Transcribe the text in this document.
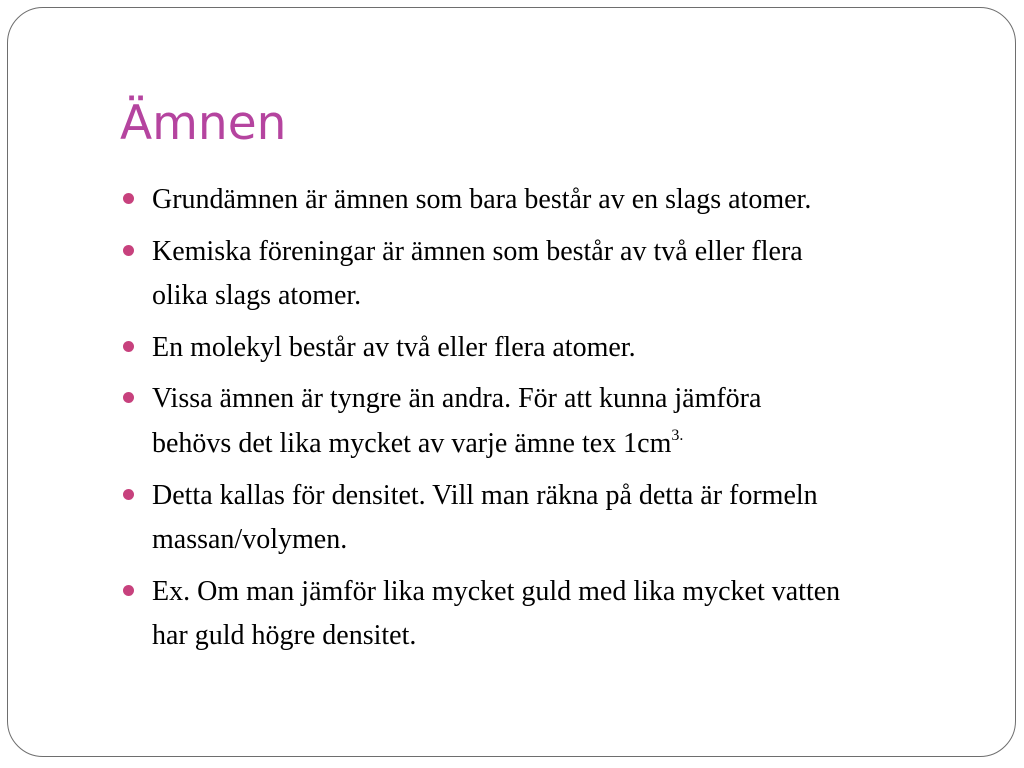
Ämnen
Grundämnen är ämnen som bara består av en slags atomer.
Kemiska föreningar är ämnen som består av två eller flera
olika slags atomer.
En molekyl består av två eller flera atomer.
Vissa ämnen är tyngre än andra. För att kunna jämföra
behövs det lika mycket av varje ämne tex $1cm^{3.}$
Detta kallas för densitet. Vill man räkna på detta är formeln
massan/volymen.
Ex. Om man jämför lika mycket guld med lika mycket vatten
har guld högre densitet.
